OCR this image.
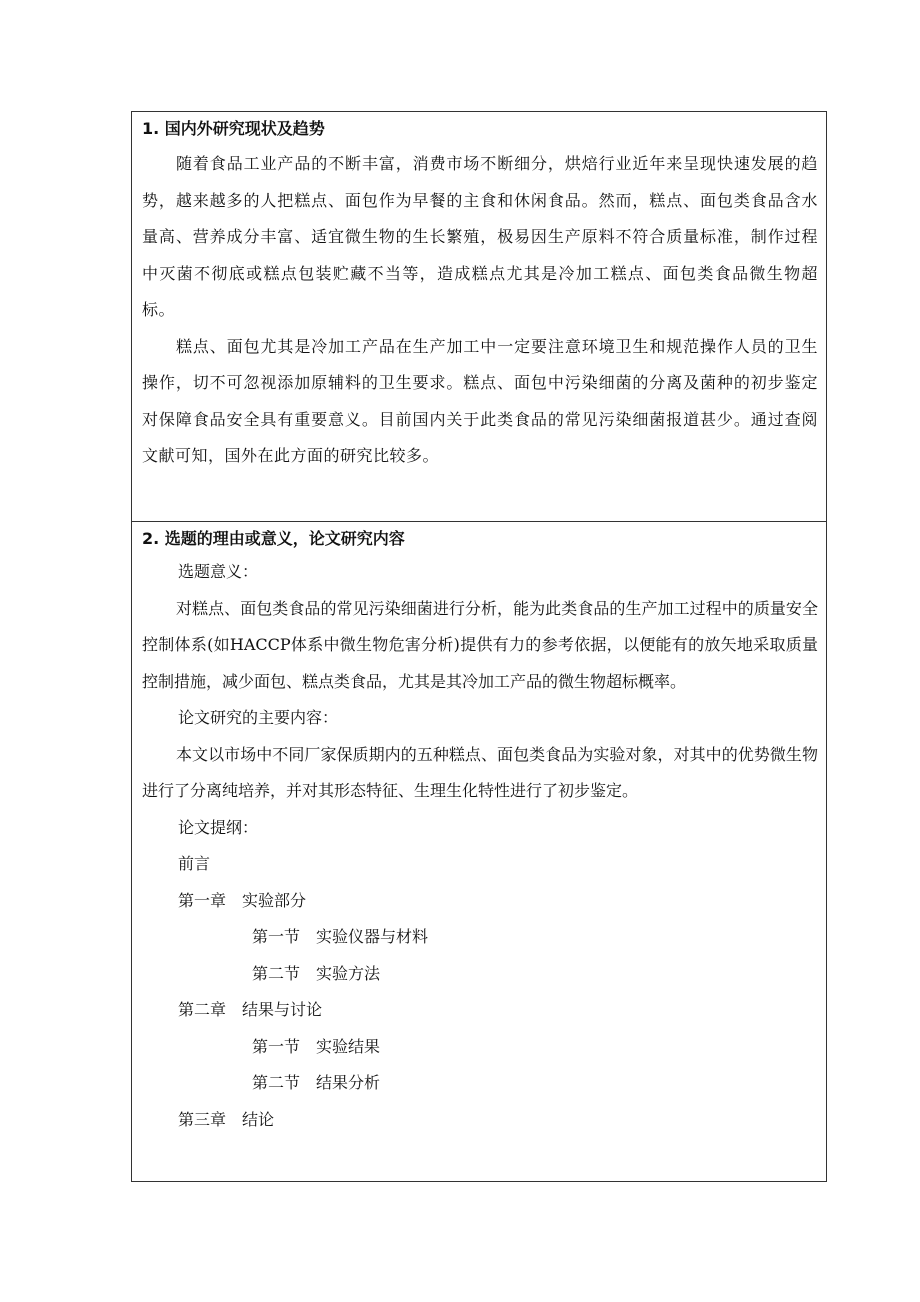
1. 国内外研究现状及趋势

随着食品工业产品的不断丰富，消费市场不断细分，烘焙行业近年来呈现快速发展的趋势，越来越多的人把糕点、面包作为早餐的主食和休闲食品。然而，糕点、面包类食品含水量高、营养成分丰富、适宜微生物的生长繁殖，极易因生产原料不符合质量标准，制作过程中灭菌不彻底或糕点包装贮藏不当等，造成糕点尤其是冷加工糕点、面包类食品微生物超标。

糕点、面包尤其是冷加工产品在生产加工中一定要注意环境卫生和规范操作人员的卫生操作，切不可忽视添加原辅料的卫生要求。糕点、面包中污染细菌的分离及菌种的初步鉴定对保障食品安全具有重要意义。目前国内关于此类食品的常见污染细菌报道甚少。通过查阅文献可知，国外在此方面的研究比较多。

2. 选题的理由或意义，论文研究内容

选题意义：

对糕点、面包类食品的常见污染细菌进行分析，能为此类食品的生产加工过程中的质量安全控制体系(如HACCP体系中微生物危害分析)提供有力的参考依据，以便能有的放矢地采取质量控制措施，减少面包、糕点类食品，尤其是其冷加工产品的微生物超标概率。

论文研究的主要内容：

本文以市场中不同厂家保质期内的五种糕点、面包类食品为实验对象，对其中的优势微生物进行了分离纯培养，并对其形态特征、生理生化特性进行了初步鉴定。

论文提纲：

前言

第一章 实验部分

第一节 实验仪器与材料

第二节 实验方法

第二章 结果与讨论

第一节 实验结果

第二节 结果分析

第三章 结论
